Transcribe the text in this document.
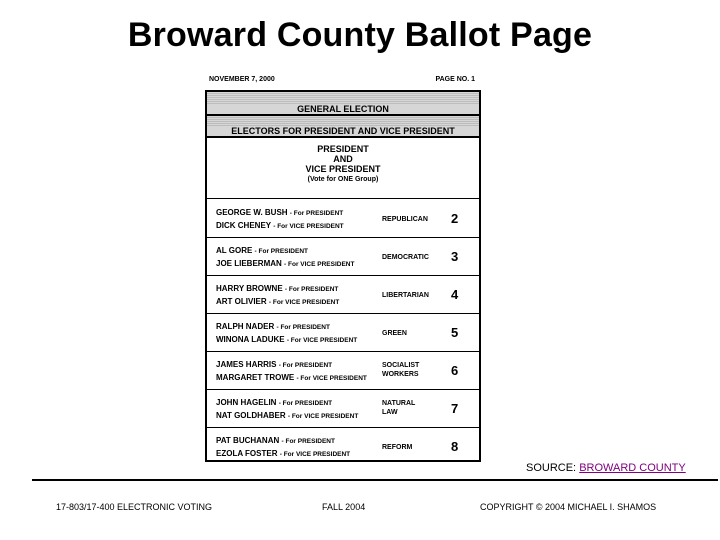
Broward County Ballot Page
NOVEMBER 7, 2000	PAGE NO. 1
GENERAL ELECTION
ELECTORS FOR PRESIDENT AND VICE PRESIDENT
PRESIDENT
AND
VICE PRESIDENT
(Vote for ONE Group)
GEORGE W. BUSH - For PRESIDENT
DICK CHENEY - For VICE PRESIDENT
REPUBLICAN	2
AL GORE - For PRESIDENT
JOE LIEBERMAN - For VICE PRESIDENT
DEMOCRATIC	3
HARRY BROWNE - For PRESIDENT
ART OLIVIER - For VICE PRESIDENT
LIBERTARIAN	4
RALPH NADER - For PRESIDENT
WINONA LADUKE - For VICE PRESIDENT
GREEN	5
JAMES HARRIS - For PRESIDENT
MARGARET TROWE - For VICE PRESIDENT
SOCIALIST
WORKERS	6
JOHN HAGELIN - For PRESIDENT
NAT GOLDHABER - For VICE PRESIDENT
NATURAL
LAW	7
PAT BUCHANAN - For PRESIDENT
EZOLA FOSTER - For VICE PRESIDENT
REFORM	8
SOURCE: BROWARD COUNTY
17-803/17-400 ELECTRONIC VOTING	FALL 2004	COPYRIGHT © 2004 MICHAEL I. SHAMOS
